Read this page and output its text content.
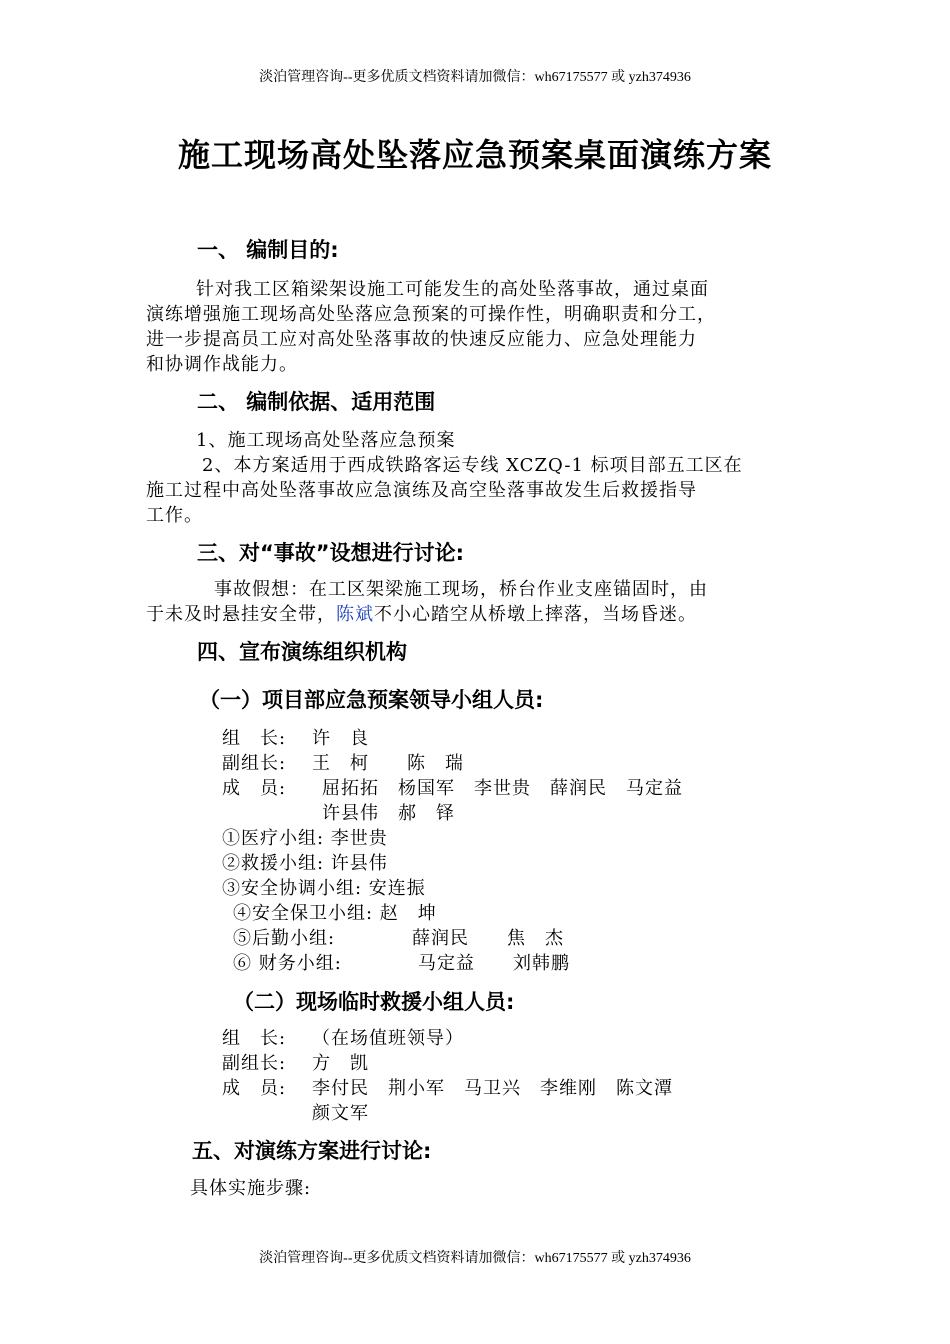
淡泊管理咨询--更多优质文档资料请加微信：wh67175577 或 yzh374936
施工现场高处坠落应急预案桌面演练方案
一、 编制目的:
针对我工区箱梁架设施工可能发生的高处坠落事故，通过桌面
演练增强施工现场高处坠落应急预案的可操作性，明确职责和分工，
进一步提高员工应对高处坠落事故的快速反应能力、应急处理能力
和协调作战能力。
二、 编制依据、适用范围
1、施工现场高处坠落应急预案
2、本方案适用于西成铁路客运专线 XCZQ-1 标项目部五工区在
施工过程中高处坠落事故应急演练及高空坠落事故发生后救援指导
工作。
三、对“事故”设想进行讨论:
事故假想：在工区架梁施工现场，桥台作业支座锚固时，由
于未及时悬挂安全带，陈斌不小心踏空从桥墩上摔落，当场昏迷。
四、宣布演练组织机构
（一）项目部应急预案领导小组人员:
组　长: 许　良
副组长: 王　柯　　陈　瑞
成　员: 屈拓拓　杨国军　李世贵　薛润民　马定益
许县伟　郝　铎
①医疗小组: 李世贵
②救援小组: 许县伟
③安全协调小组: 安连振
④安全保卫小组: 赵　坤
⑤后勤小组:	薛润民　　焦　杰
⑥ 财务小组:	马定益　　刘韩鹏
（二）现场临时救援小组人员:
组　长: （在场值班领导）
副组长: 方　凯
成　员: 李付民　荆小军　马卫兴　李维刚　陈文潭
颜文军
五、对演练方案进行讨论:
具体实施步骤:
淡泊管理咨询--更多优质文档资料请加微信：wh67175577 或 yzh374936
